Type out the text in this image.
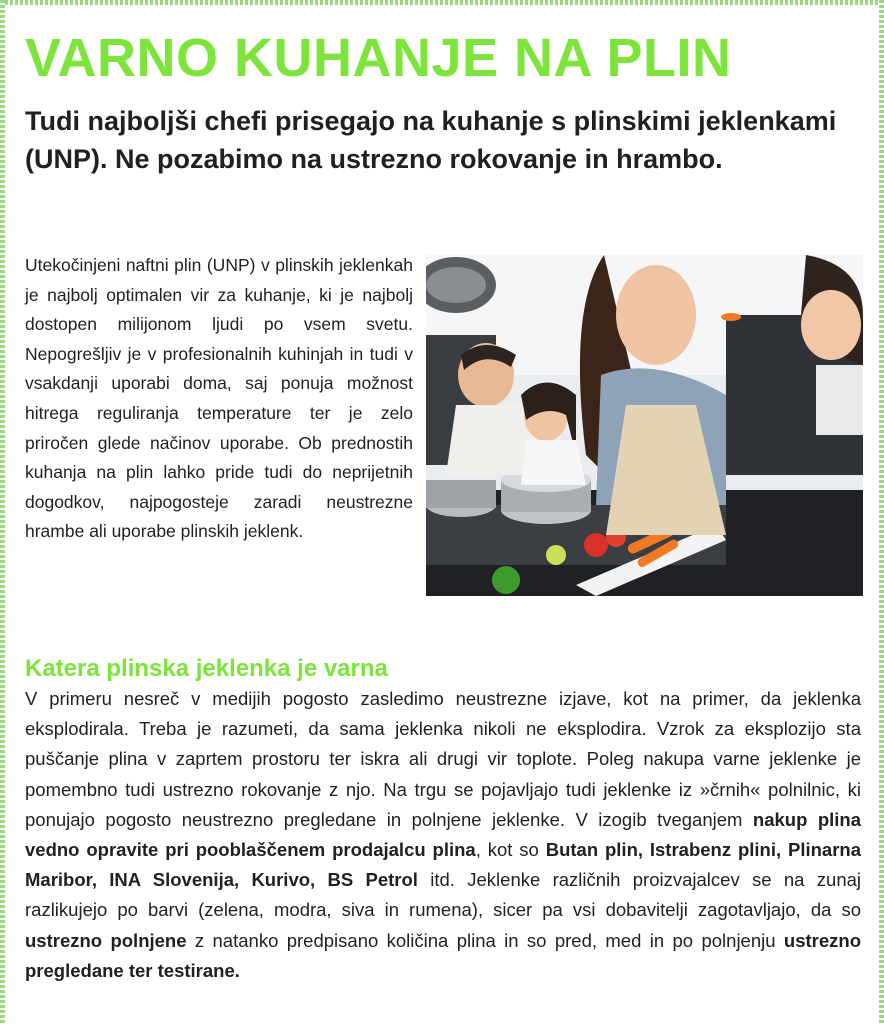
VARNO KUHANJE NA PLIN

Tudi najboljši chefi prisegajo na kuhanje s plinskimi jeklenkami (UNP). Ne pozabimo na ustrezno rokovanje in hrambo.

Utekočinjeni naftni plin (UNP) v plinskih jeklenkah je najbolj optimalen vir za kuhanje, ki je najbolj dostopen milijonom ljudi po vsem svetu. Nepogrešljiv je v profesionalnih kuhinjah in tudi v vsakdanji uporabi doma, saj ponuja možnost hitrega reguliranja temperature ter je zelo priročen glede načinov uporabe. Ob prednostih kuhanja na plin lahko pride tudi do neprijetnih dogodkov, najpogosteje zaradi neustrezne hrambe ali uporabe plinskih jeklenk.

Katera plinska jeklenka je varna

V primeru nesreč v medijih pogosto zasledimo neustrezne izjave, kot na primer, da jeklenka eksplodirala. Treba je razumeti, da sama jeklenka nikoli ne eksplodira. Vzrok za eksplozijo sta puščanje plina v zaprtem prostoru ter iskra ali drugi vir toplote. Poleg nakupa varne jeklenke je pomembno tudi ustrezno rokovanje z njo. Na trgu se pojavljajo tudi jeklenke iz »črnih« polnilnic, ki ponujajo pogosto neustrezno pregledane in polnjene jeklenke. V izogib tveganjem nakup plina vedno opravite pri pooblaščenem prodajalcu plina, kot so Butan plin, Istrabenz plini, Plinarna Maribor, INA Slovenija, Kurivo, BS Petrol itd. Jeklenke različnih proizvajalcev se na zunaj razlikujejo po barvi (zelena, modra, siva in rumena), sicer pa vsi dobavitelji zagotavljajo, da so ustrezno polnjene z natanko predpisano količina plina in so pred, med in po polnjenju ustrezno pregledane ter testirane.
